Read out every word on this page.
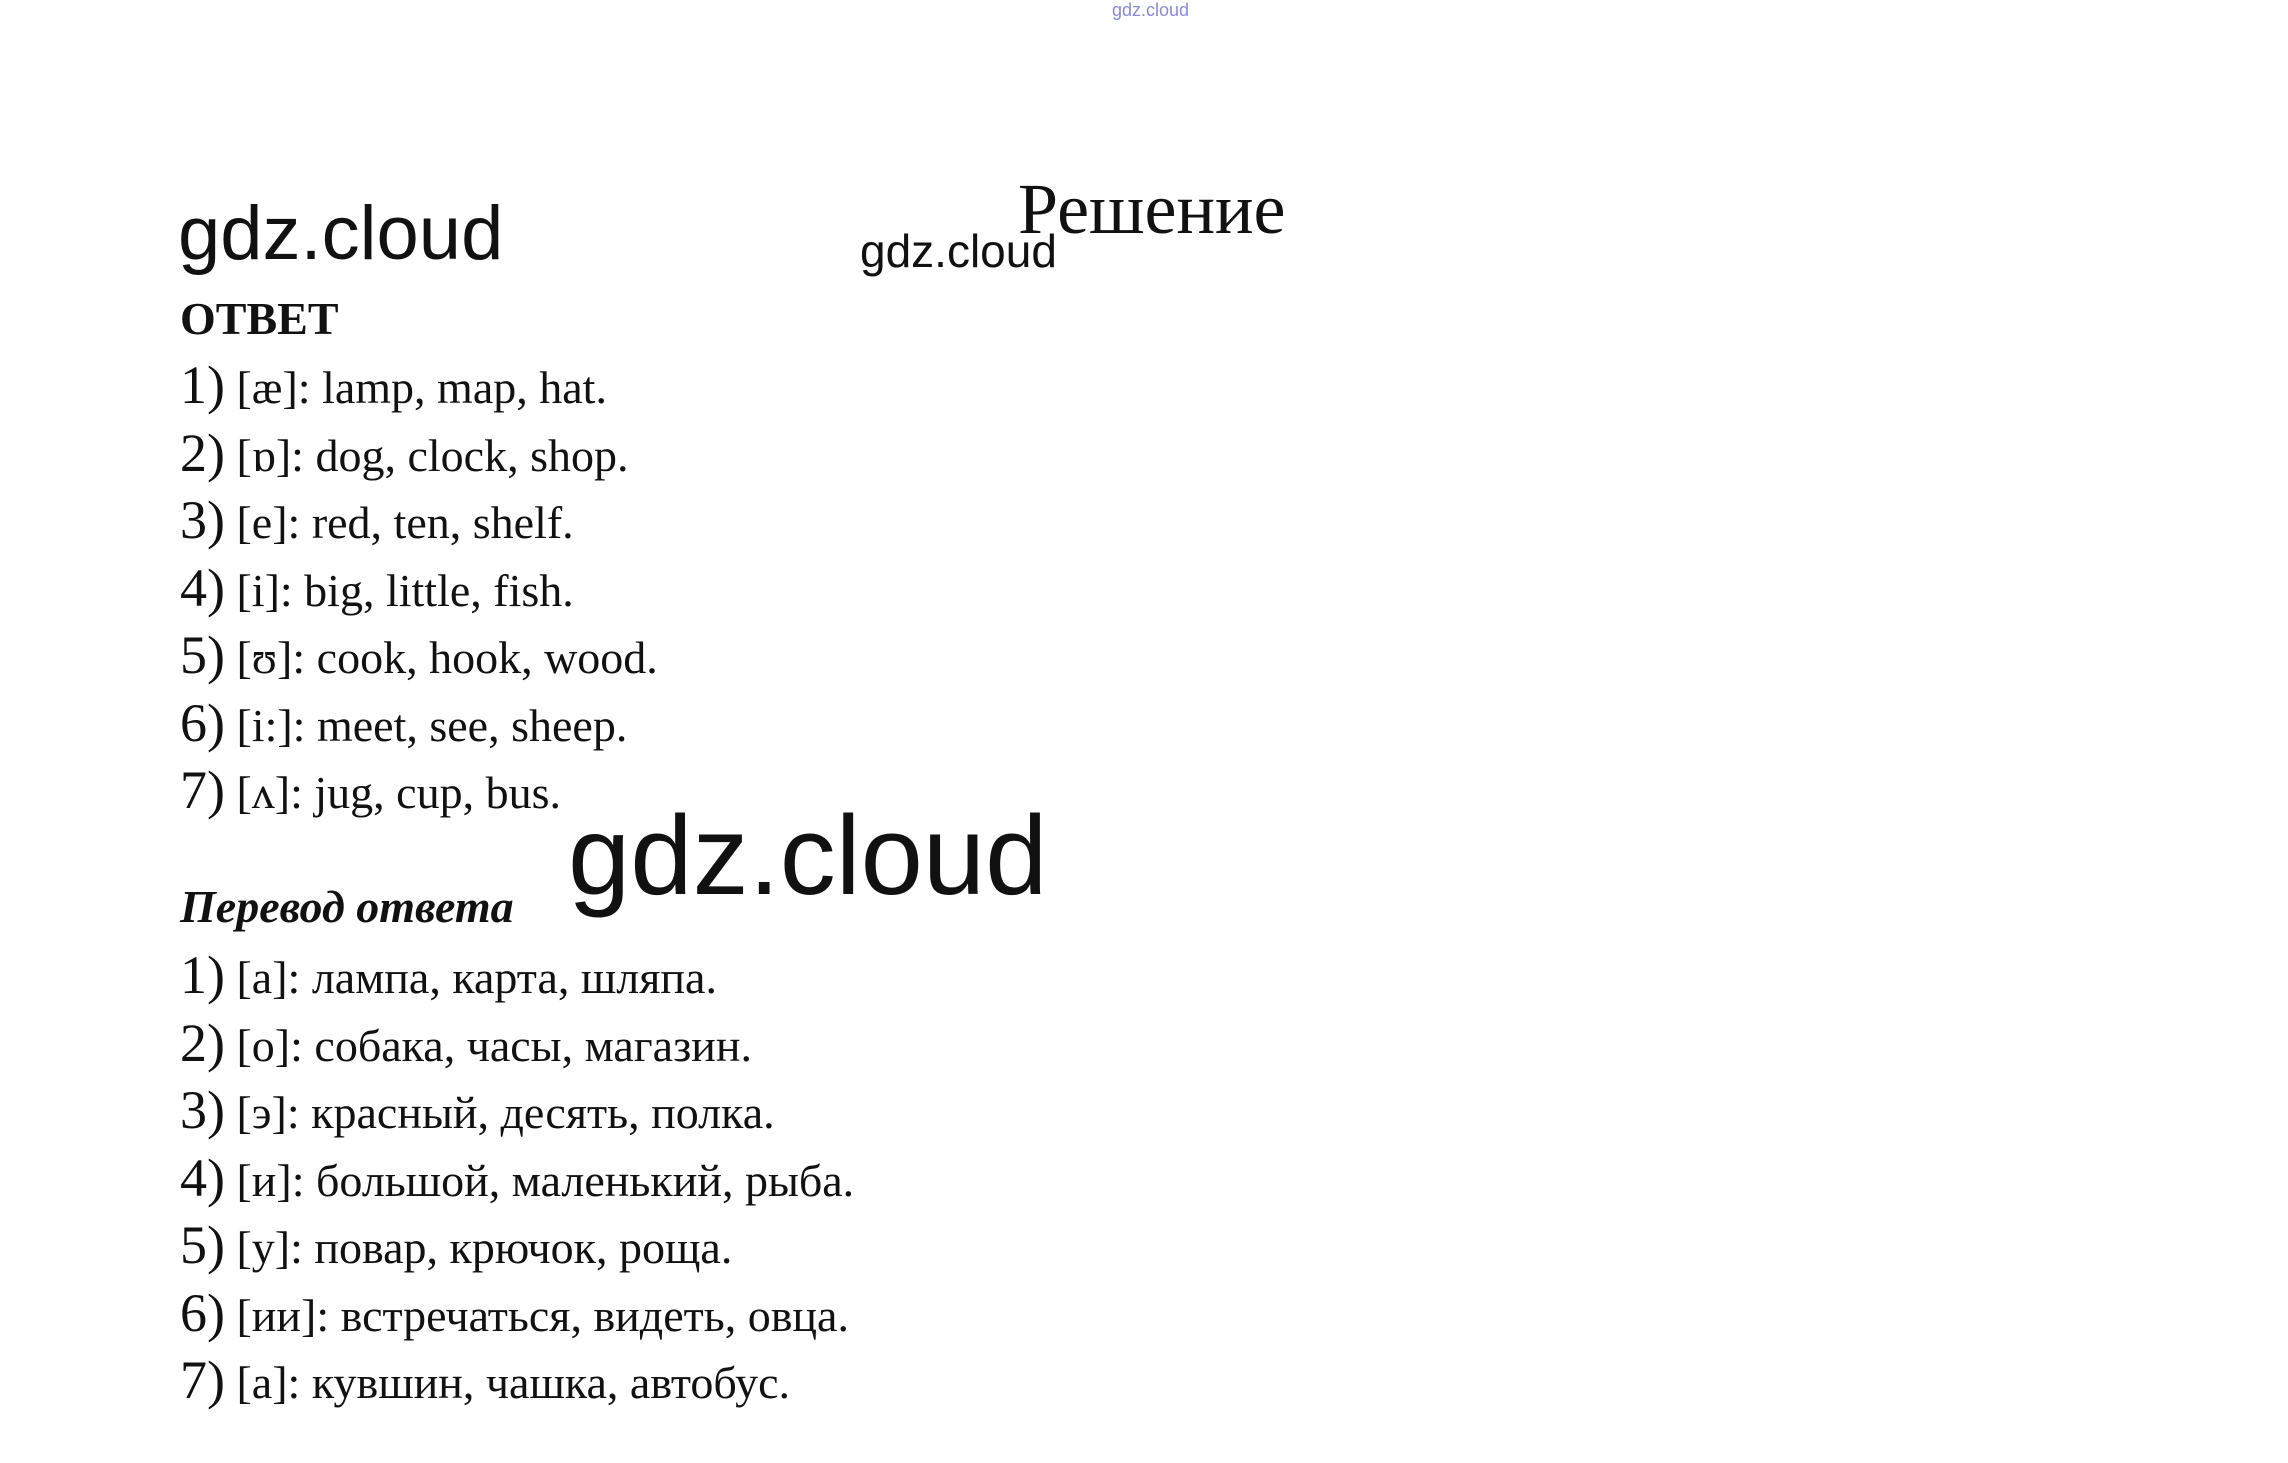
gdz.cloud
gdz.cloud	gdz.cloud
Решение
ОТВЕТ
1) [æ]: lamp, map, hat.
2) [ɒ]: dog, clock, shop.
3) [e]: red, ten, shelf.
4) [i]: big, little, fish.
5) [ʊ]: cook, hook, wood.
6) [i:]: meet, see, sheep.
7) [ʌ]: jug, cup, bus.
Перевод ответа gdz.cloud
1) [а]: лампа, карта, шляпа.
2) [о]: собака, часы, магазин.
3) [э]: красный, десять, полка.
4) [и]: большой, маленький, рыба.
5) [у]: повар, крючок, роща.
6) [ии]: встречаться, видеть, овца.
7) [а]: кувшин, чашка, автобус.
